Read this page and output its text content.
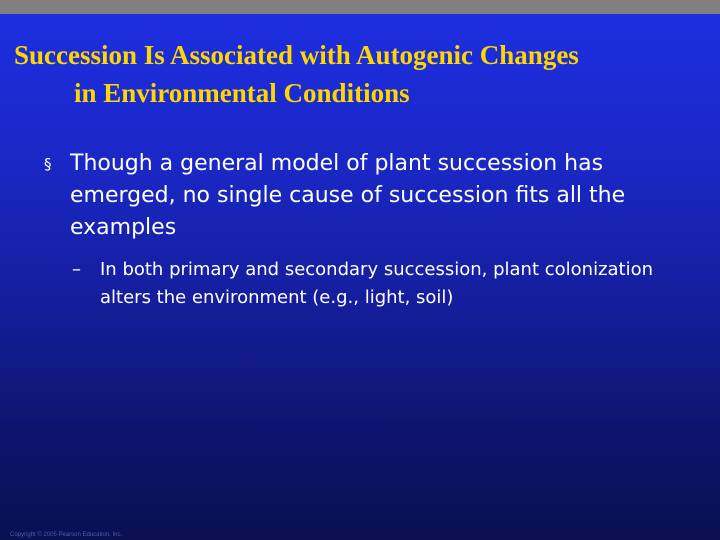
Succession Is Associated with Autogenic Changes
in Environmental Conditions
§ Though a general model of plant succession has emerged, no single cause of succession fits all the examples
–	In both primary and secondary succession, plant colonization alters the environment (e.g., light, soil)
Copyright © 2005 Pearson Education, Inc.
